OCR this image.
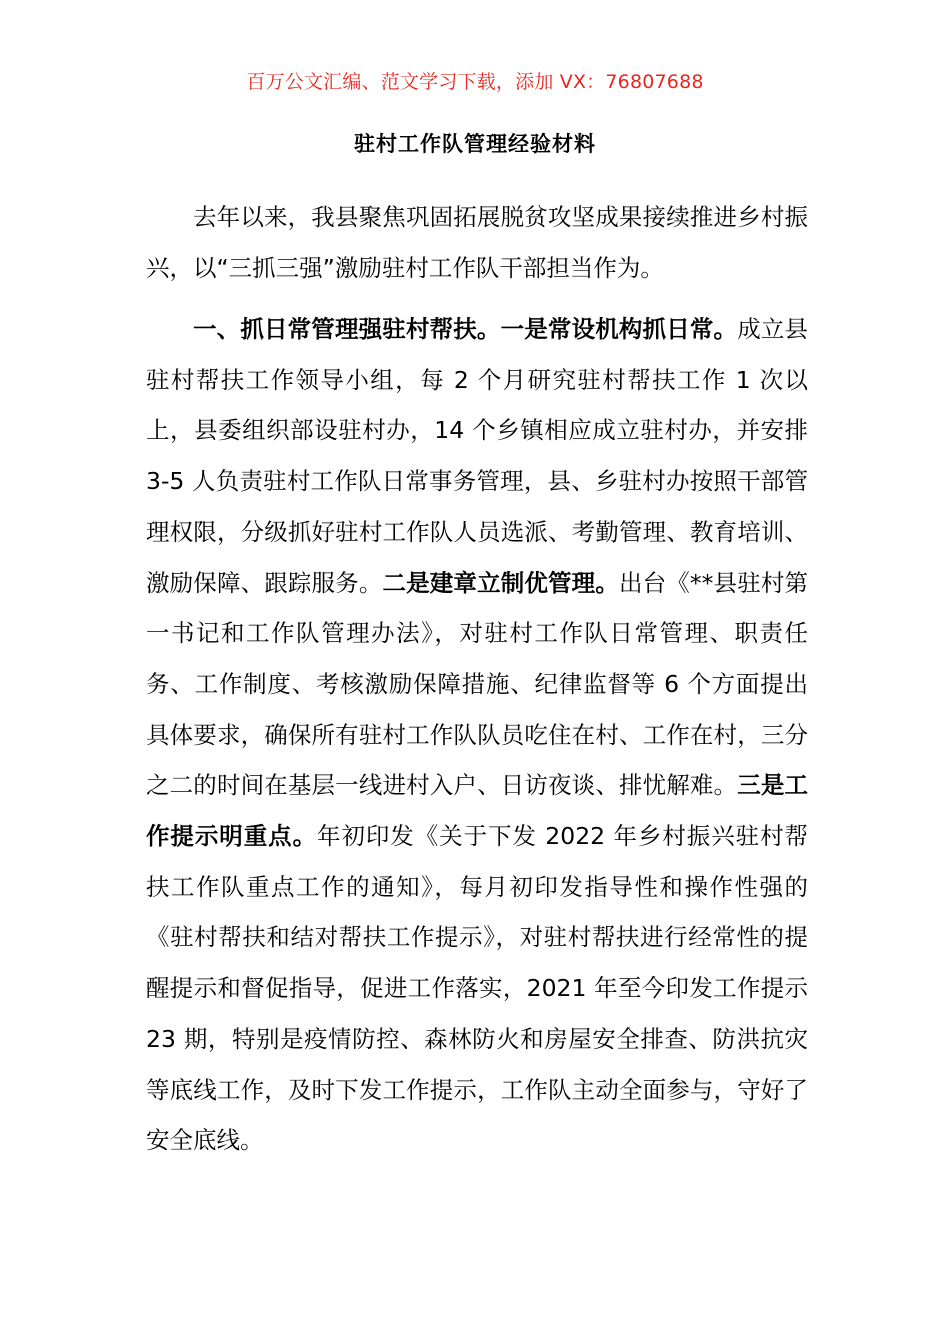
百万公文汇编、范文学习下载，添加 VX：76807688
驻村工作队管理经验材料

去年以来，我县聚焦巩固拓展脱贫攻坚成果接续推进乡村振兴，以“三抓三强”激励驻村工作队干部担当作为。

一、抓日常管理强驻村帮扶。一是常设机构抓日常。成立县驻村帮扶工作领导小组，每 2 个月研究驻村帮扶工作 1 次以上，县委组织部设驻村办，14 个乡镇相应成立驻村办，并安排 3-5 人负责驻村工作队日常事务管理，县、乡驻村办按照干部管理权限，分级抓好驻村工作队人员选派、考勤管理、教育培训、激励保障、跟踪服务。二是建章立制优管理。出台《**县驻村第一书记和工作队管理办法》，对驻村工作队日常管理、职责任务、工作制度、考核激励保障措施、纪律监督等 6 个方面提出具体要求，确保所有驻村工作队队员吃住在村、工作在村，三分之二的时间在基层一线进村入户、日访夜谈、排忧解难。三是工作提示明重点。年初印发《关于下发 2022 年乡村振兴驻村帮扶工作队重点工作的通知》，每月初印发指导性和操作性强的《驻村帮扶和结对帮扶工作提示》，对驻村帮扶进行经常性的提醒提示和督促指导，促进工作落实，2021 年至今印发工作提示 23 期，特别是疫情防控、森林防火和房屋安全排查、防洪抗灾等底线工作，及时下发工作提示，工作队主动全面参与，守好了安全底线。
